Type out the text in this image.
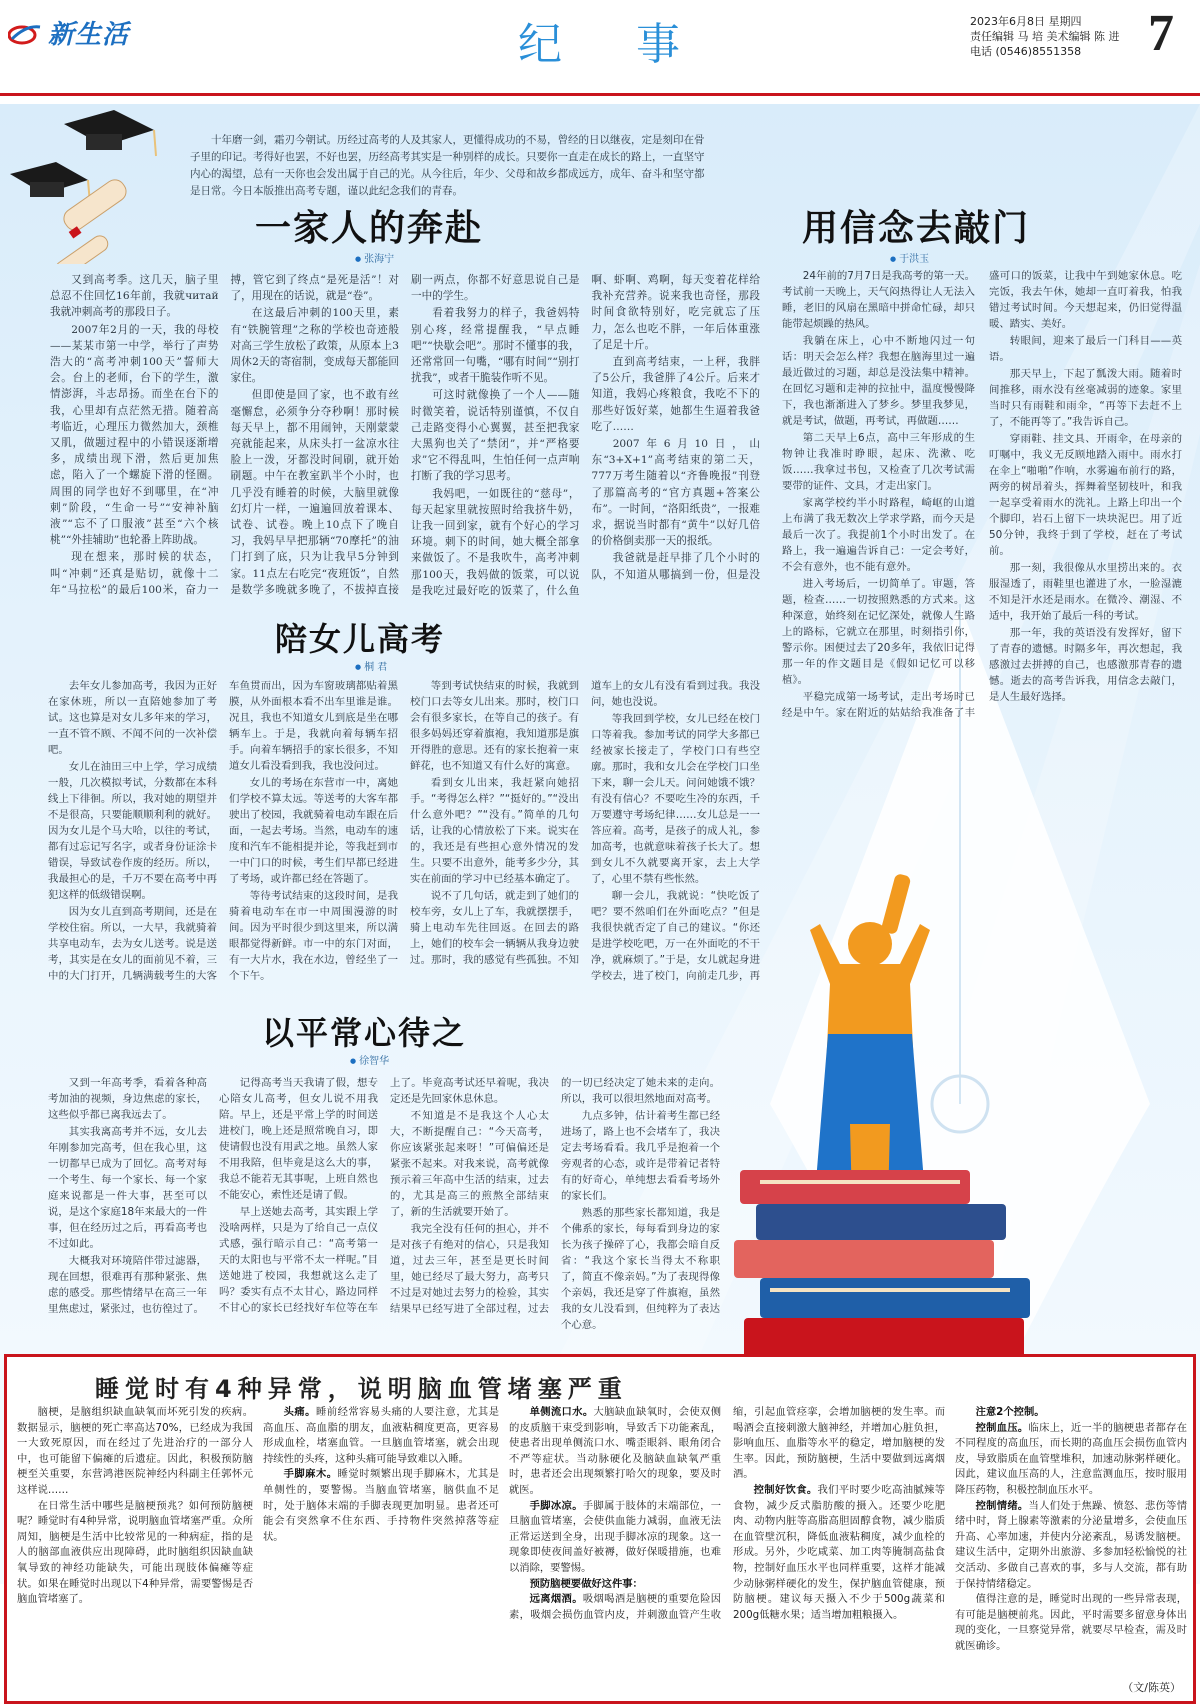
新生活	纪 事	2023年6月8日 星期四
责任编辑 马 培 美术编辑 陈 进
电话 (0546)8551358	7
十年磨一剑，霜刃今朝试。历经过高考的人及其家人，更懂得成功的不易，曾经的日以继夜，定是刻印在骨子里的印记。考得好也罢，不好也罢，历经高考其实是一种别样的成长。只要你一直走在成长的路上，一直坚守内心的渴望，总有一天你也会发出属于自己的光。从今往后，年少、父母和故乡都成远方，成年、奋斗和坚守都是日常。今日本版推出高考专题，谨以此纪念我们的青春。
一家人的奔赴
● 张海宁

又到高考季。这几天，脑子里总忍不住回忆16年前，我就читай我就冲刺高考的那段日子。

2007年2月的一天，我的母校——某某市第一中学，举行了声势浩大的“高考冲刺100天”誓师大会。台上的老师，台下的学生，激情澎湃，斗志昂扬。而坐在台下的我，心里却有点茫然无措。随着高考临近，心理压力微然加大，颈椎又肌，做题过程中的小错误逐渐增多，成绩出现下滑，然后更加焦虑，陷入了一个螺旋下滑的怪圈。周围的同学也好不到哪里，在“冲刺”阶段，“生命一号”“安神补脑液”“忘不了口服液”甚至“六个核桃”“外挂辅助”也轮番上阵助战。

现在想来，那时候的状态，叫“冲刺”还真是贴切，就像十二年“马拉松”的最后100米，奋力一搏，管它到了终点“是死是活”！对了，用现在的话说，就是“卷”。

在这最后冲刺的100天里，素有“铁腕管理”之称的学校也奇迹般对高三学生放松了政策，从原本上3周休2天的寄宿制，变成每天都能回家住。

但即使是回了家，也不敢有丝毫懈怠，必须争分夺秒啊！那时候每天早上，都不用闹钟，天刚蒙蒙亮就能起来，从床头打一盆凉水往脸上一泼，牙都没时间刷，就开始刷题。中午在教室趴半个小时，也几乎没有睡着的时候，大脑里就像幻灯片一样，一遍遍回放着课本、试卷、试卷。晚上10点下了晚自习，我妈早早把那辆“70摩托”的油门打到了底，只为让我早5分钟到家。11点左右吃完“夜班饭”，自然是数学多晚就多晚了，不拔掉直接刷一两点，你都不好意思说自己是一中的学生。

看着我努力的样子，我爸妈特别心疼，经常提醒我，“早点睡吧”“快歇会吧”。那时不懂事的我，还常常回一句嘴，“哪有时间”“别打扰我”，或者干脆装作听不见。

可这时就像换了一个人——随时微笑着，说话特别谨慎，不仅自己走路变得小心翼翼，甚至把我家大黑狗也关了“禁闭”，并“严格要求”它不得乱叫，生怕任何一点声响打断了我的学习思考。

我妈吧，一如既往的“慈母”，每天起家里就按照时给我挤牛奶，让我一回到家，就有个好心的学习环境。刺下的时间，她大概全部拿来做饭了。不是我吹牛，高考冲刺那100天，我妈做的饭菜，可以说是我吃过最好吃的饭菜了，什么鱼啊、虾啊、鸡啊，每天变着花样给我补充营养。说来我也奇怪，那段时间食欲特别好，吃完就忘了压力，怎么也吃不胖，一年后体重涨了足足十斤。

直到高考结束，一上秤，我胖了5公斤，我爸胖了4公斤。后来才知道，我妈心疼粮食，我吃不下的那些好饭好菜，她都生生逼着我爸吃了……

2007年6月10日，山东“3+X+1”高考结束的第二天，777万考生随着以“齐鲁晚报”刊登了那篇高考的“官方真题+答案公布”。一时间，“洛阳纸贵”，一报难求，据说当时都有“黄牛”以好几倍的价格倒卖那一天的报纸。

我爸就是赶早排了几个小时的队，不知道从哪搞到一份，但是没

用信念去敲门
● 于洪玉

24年前的7月7日是我高考的第一天。考试前一天晚上，天气闷热得让人无法入睡，老旧的风扇在黑暗中拼命忙碌，却只能带起烦躁的热风。

我躺在床上，心中不断地闪过一句话：明天会怎么样？我想在脑海里过一遍最近做过的习题，却总是没法集中精神。在回忆习题和走神的拉扯中，温度慢慢降下，我也渐渐进入了梦乡。梦里我梦见，就是考试，做题，再考试，再做题……

第二天早上6点，高中三年形成的生物钟让我准时睁眼，起床、洗漱、吃饭……我拿过书包，又检查了几次考试需要带的证件、文具，才走出家门。

家离学校约半小时路程，崎岖的山道上布满了我无数次上学求学路，而今天是最后一次了。我提前1个小时出发了。在路上，我一遍遍告诉自己：一定会考好，不会有意外，也不能有意外。

进入考场后，一切简单了。审题，答题，检查……一切按照熟悉的方式来。这种深意，始终刻在记忆深处，就像人生路上的路标，它就立在那里，时刻指引你，警示你。困便过去了20多年，我依旧记得那一年的作文题目是《假如记忆可以移植》。

平稳完成第一场考试，走出考场时已经是中午。家在附近的姑姑给我准备了丰盛可口的饭菜，让我中午到她家休息。吃完饭，我去午休，她却一直叮着我，怕我错过考试时间。今天想起来，仍旧觉得温暖、踏实、美好。

转眼间，迎来了最后一门科目——英语。

那天早上，下起了瓢泼大雨。随着时间推移，雨水没有丝毫减弱的迹象。家里当时只有雨鞋和雨伞，“再等下去赶不上了，不能再等了。”我告诉自己。

穿雨鞋、挂文具、开雨伞，在母亲的叮嘱中，我义无反顾地踏入雨中。雨水打在伞上“啪啪”作响，水雾遍布前行的路，两旁的树昂着头，挥舞着坚韧枝叶，和我一起享受着雨水的洗礼。上路上印出一个个脚印，岩石上留下一块块泥巴。用了近50分钟，我终于到了学校，赶在了考试前。

那一刻，我很像从水里捞出来的。衣服湿透了，雨鞋里也灌进了水，一脸湿漉不知是汗水还是雨水。在微冷、潮湿、不适中，我开始了最后一科的考试。

那一年，我的英语没有发挥好，留下了青春的遗憾。时隔多年，再次想起，我感激过去拼搏的自己，也感激那青春的遗憾。逝去的高考告诉我，用信念去敲门，是人生最好选择。

陪女儿高考
● 桐 君

去年女儿参加高考，我因为正好在家休班，所以一直陪她参加了考试。这也算是对女儿多年来的学习，一直不管不顾、不闻不问的一次补偿吧。

女儿在油田三中上学，学习成绩一般，几次模拟考试，分数都在本科线上下徘徊。所以，我对她的期望并不是很高，只要能顺顺利利的就好。因为女儿是个马大哈，以往的考试，都有过忘记写名字，或者身份证涂卡错误，导致试卷作废的经历。所以，我最担心的是，千万不要在高考中再犯这样的低级错误啊。

因为女儿直到高考期间，还是在学校住宿。所以，一大早，我就骑着共享电动车，去为女儿送考。说是送考，其实是在女儿的面前见不着，三中的大门打开，几辆满载考生的大客车鱼贯而出，因为车窗玻璃都贴着黑膜，从外面根本看不出车里谁是谁。况且，我也不知道女儿到底是坐在哪辆车上。于是，我就向着每辆车招手。向着车辆招手的家长很多，不知道女儿看没看到我，我也没问过。

女儿的考场在东营市一中，离她们学校不算太远。等送考的大客车都驶出了校园，我就骑着电动车跟在后面，一起去考场。当然，电动车的速度和汽车不能相提并论，等我赶到市一中门口的时候，考生们早都已经进了考场，或许都已经在答题了。

等待考试结束的这段时间，是我骑着电动车在市一中周围漫游的时间。因为平时很少到这里来，所以满眼都觉得新鲜。市一中的东门对面，有一大片水，我在水边，曾经坐了一个下午。

等到考试快结束的时候，我就到校门口去等女儿出来。那时，校门口会有很多家长，在等自己的孩子。有很多妈妈还穿着旗袍，我知道那是旗开得胜的意思。还有的家长抱着一束鲜花，也不知道又有什么好的寓意。

看到女儿出来，我赶紧向她招手。“考得怎么样？”“挺好的。”“没出什么意外吧？”“没有。”简单的几句话，让我的心情放松了下来。说实在的，我还是有些担心意外情况的发生。只要不出意外，能考多少分，其实在前面的学习中已经基本确定了。

说不了几句话，就走到了她们的校车旁，女儿上了车，我就摆摆手，骑上电动车先往回返。在回去的路上，她们的校车会一辆辆从我身边驶过。那时，我的感觉有些孤独。不知道车上的女儿有没有看到过我。我没问，她也没说。

等我回到学校，女儿已经在校门口等着我。参加考试的同学大多都已经被家长接走了，学校门口有些空廓。那时，我和女儿会在学校门口坐下来，聊一会儿天。问问她饿不饿？有没有信心？不要吃生冷的东西，千万要遵守考场纪律……女儿总是一一答应着。高考，是孩子的成人礼，参加高考，也就意味着孩子长大了。想到女儿不久就要离开家，去上大学了，心里不禁有些怅然。

聊一会儿，我就说：“快吃饭了吧？要不然咱们在外面吃点？”但是我很快就否定了自己的建议。“你还是进学校吃吧，万一在外面吃的不干净，就麻烦了。”于是，女儿就起身进学校去，进了校门，向前走几步，再

以平常心待之
● 徐智华

又到一年高考季，看着各种高考加油的视频，身边焦虑的家长，这些似乎都已离我远去了。

其实我离高考并不远，女儿去年刚参加完高考，但在我心里，这一切都早已成为了回忆。高考对每一个考生、每一个家长、每一个家庭来说都是一件大事，甚至可以说，是这个家庭18年来最大的一件事，但在经历过之后，再看高考也不过如此。

大概我对环境陪伴带过滤器，现在回想，很难再有那种紧张、焦虑的感受。那些情绪早在高三一年里焦虑过，紧张过，也彷徨过了。

记得高考当天我请了假，想专心陪女儿高考，但女儿说不用我陪。早上，还是平常上学的时间送进校门，晚上还是照常晚自习，即使请假也没有用武之地。虽然人家不用我陪，但毕竟是这么大的事，我总不能若无其事呢，上班自然也不能安心，索性还是请了假。

早上送她去高考，其实跟上学没啥两样，只是为了给自己一点仪式感，强行暗示自己：“高考第一天的太阳也与平常不太一样呢。”目送她进了校园，我想就这么走了吗？委实有点不太甘心，路边同样不甘心的家长已经找好车位等在车上了。毕竟高考试还早着呢，我决定还是先回家休息休息。

不知道是不是我这个人心太大，不断提醒自己：“今天高考，你应该紧张起来呀！”可偏偏还是紧张不起来。对我来说，高考就像预示着三年高中生活的结束，过去的，尤其是高三的煎熬全部结束了，新的生活就要开始了。

我完全没有任何的担心，并不是对孩子有绝对的信心，只是我知道，过去三年，甚至是更长时间里，她已经尽了最大努力，高考只不过是对她过去努力的检验，其实结果早已经写进了全部过程，过去的一切已经决定了她未来的走向。所以，我可以很坦然地面对高考。

九点多钟，估计着考生都已经进场了，路上也不会堵车了，我决定去考场看看。我几乎是抱着一个旁观者的心态，或许是带着记者特有的好奇心，单纯想去看看考场外的家长们。

熟悉的那些家长都知道，我是个佛系的家长，每每看到身边的家长为孩子操碎了心，我都会暗自反省：“我这个家长当得太不称职了，简直不像亲妈。”为了表现得像个亲妈，我还是穿了件旗袍，虽然我的女儿没看到，但纯粹为了表达个心意。

睡觉时有4种异常，说明脑血管堵塞严重

脑梗，是脑组织缺血缺氧而坏死引发的疾病。数据显示，脑梗的死亡率高达70%，已经成为我国一大致死原因，而在经过了先进治疗的一部分人中，也可能留下偏瘫的后遗症。因此，积极预防脑梗至关重要，东营鸿港医院神经内科副主任郭怀元这样说……

在日常生活中哪些是脑梗预兆？如何预防脑梗呢？睡觉时有4种异常，说明脑血管堵塞严重。众所周知，脑梗是生活中比较常见的一种病症，指的是人的脑部血液供应出现障碍，此时脑组织因缺血缺氧导致的神经功能缺失，可能出现肢体偏瘫等症状。如果在睡觉时出现以下4种异常，需要警惕是否脑血管堵塞了。

头痛。睡前经常容易头痛的人要注意，尤其是高血压、高血脂的朋友，血液粘稠度更高，更容易形成血栓，堵塞血管。一旦脑血管堵塞，就会出现持续性的头疼，这种头痛可能导致难以入睡。

手脚麻木。睡觉时频繁出现手脚麻木，尤其是单侧性的，要警惕。当脑血管堵塞，脑供血不足时，处于脑体末端的手脚表现更加明显。患者还可能会有突然拿不住东西、手持物件突然掉落等症状。

单侧流口水。大脑缺血缺氧时，会使双侧的皮质脑干束受到影响，导致舌下功能紊乱，使患者出现单侧流口水、嘴歪眼斜、眼角闭合不严等症状。当动脉硬化及脑缺血缺氧严重时，患者还会出现频繁打哈欠的现象，要及时就医。

手脚冰凉。手脚属于肢体的末端部位，一旦脑血管堵塞，会使供血能力减弱，血液无法正常运送到全身，出现手脚冰凉的现象。这一现象即使夜间盖好被褥，做好保暖措施，也难以消除，要警惕。

预防脑梗要做好这件事：

远离烟酒。吸烟喝酒是脑梗的重要危险因素，吸烟会损伤血管内皮，并刺激血管产生收缩，引起血管痉挛，会增加脑梗的发生率。而喝酒会直接刺激大脑神经，并增加心脏负担，影响血压、血脂等水平的稳定，增加脑梗的发生率。因此，预防脑梗，生活中要做到远离烟酒。

控制好饮食。我们平时要少吃高油腻辣等食物，减少反式脂肪酸的摄入。还要少吃肥肉、动物内脏等高脂高胆固醇食物，减少脂质在血管壁沉积，降低血液粘稠度，减少血栓的形成。另外，少吃咸菜、加工肉等腌制高盐食物，控制好血压水平也同样重要，这样才能减少动脉粥样硬化的发生，保护脑血管健康，预防脑梗。建议每天摄入不少于500g蔬菜和200g低糖水果；适当增加粗粮摄入。

注意2个控制。

控制血压。临床上，近一半的脑梗患者都存在不同程度的高血压，而长期的高血压会损伤血管内皮，导致脂质在血管壁堆积，加速动脉粥样硬化。因此，建议血压高的人，注意监测血压，按时服用降压药物，积极控制血压水平。

控制情绪。当人们处于焦躁、愤怒、悲伤等情绪中时，肾上腺素等激素的分泌量增多，会使血压升高、心率加速，并使内分泌紊乱，易诱发脑梗。建议生活中，定期外出旅游、多参加轻松愉悦的社交活动、多做自己喜欢的事，多与人交流，都有助于保持情绪稳定。

值得注意的是，睡觉时出现的一些异常表现，有可能是脑梗前兆。因此，平时需要多留意身体出现的变化，一旦察觉异常，就要尽早检查，需及时就医确诊。

（文/陈英）
